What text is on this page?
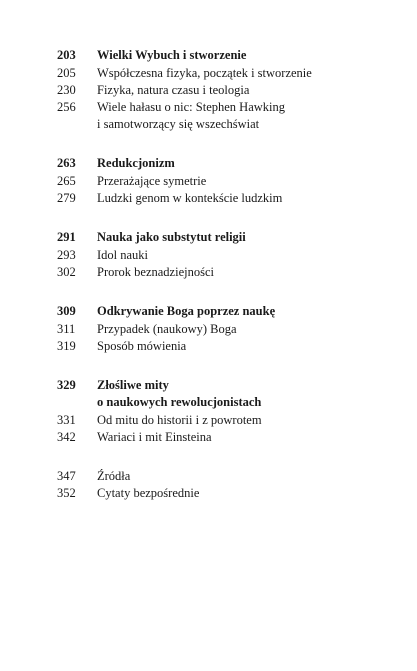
203	Wielki Wybuch i stworzenie
205	Współczesna fizyka, początek i stworzenie
230	Fizyka, natura czasu i teologia
256	Wiele hałasu o nic: Stephen Hawking
i samotworzący się wszechświat
263	Redukcjonizm
265	Przerażające symetrie
279	Ludzki genom w kontekście ludzkim
291	Nauka jako substytut religii
293	Idol nauki
302	Prorok beznadziejności
309	Odkrywanie Boga poprzez naukę
311	Przypadek (naukowy) Boga
319	Sposób mówienia
329	Złośliwe mity
o naukowych rewolucjonistach
331	Od mitu do historii i z powrotem
342	Wariaci i mit Einsteina
347	Źródła
352	Cytaty bezpośrednie
